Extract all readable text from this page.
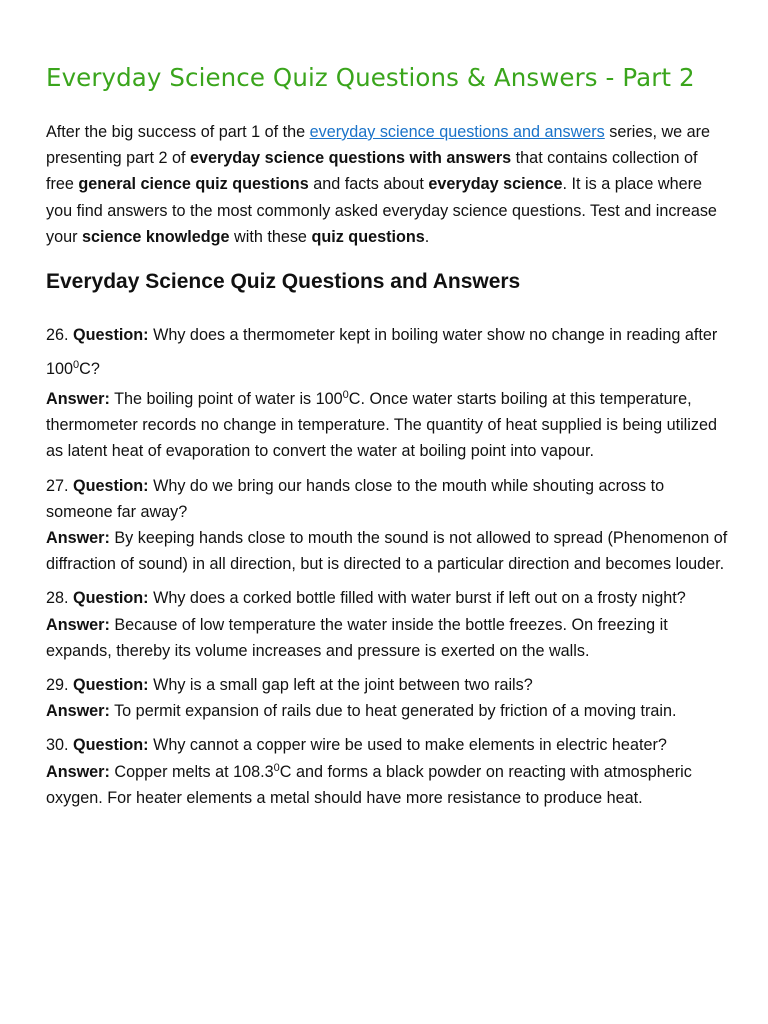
Everyday Science Quiz Questions & Answers - Part 2

After the big success of part 1 of the everyday science questions and answers series, we are presenting part 2 of everyday science questions with answers that contains collection of free general cience quiz questions and facts about everyday science. It is a place where you find answers to the most commonly asked everyday science questions. Test and increase your science knowledge with these quiz questions.

Everyday Science Quiz Questions and Answers

26. Question: Why does a thermometer kept in boiling water show no change in reading after $100^0C$?

Answer: The boiling point of water is $100^0C$. Once water starts boiling at this temperature, thermometer records no change in temperature. The quantity of heat supplied is being utilized as latent heat of evaporation to convert the water at boiling point into vapour.

27. Question: Why do we bring our hands close to the mouth while shouting across to someone far away?

Answer: By keeping hands close to mouth the sound is not allowed to spread (Phenomenon of diffraction of sound) in all direction, but is directed to a particular direction and becomes louder.

28. Question: Why does a corked bottle filled with water burst if left out on a frosty night?

Answer: Because of low temperature the water inside the bottle freezes. On freezing it expands, thereby its volume increases and pressure is exerted on the walls.

29. Question: Why is a small gap left at the joint between two rails?

Answer: To permit expansion of rails due to heat generated by friction of a moving train.

30. Question: Why cannot a copper wire be used to make elements in electric heater?

Answer: Copper melts at 108.3$^0$C and forms a black powder on reacting with atmospheric oxygen. For heater elements a metal should have more resistance to produce heat.
